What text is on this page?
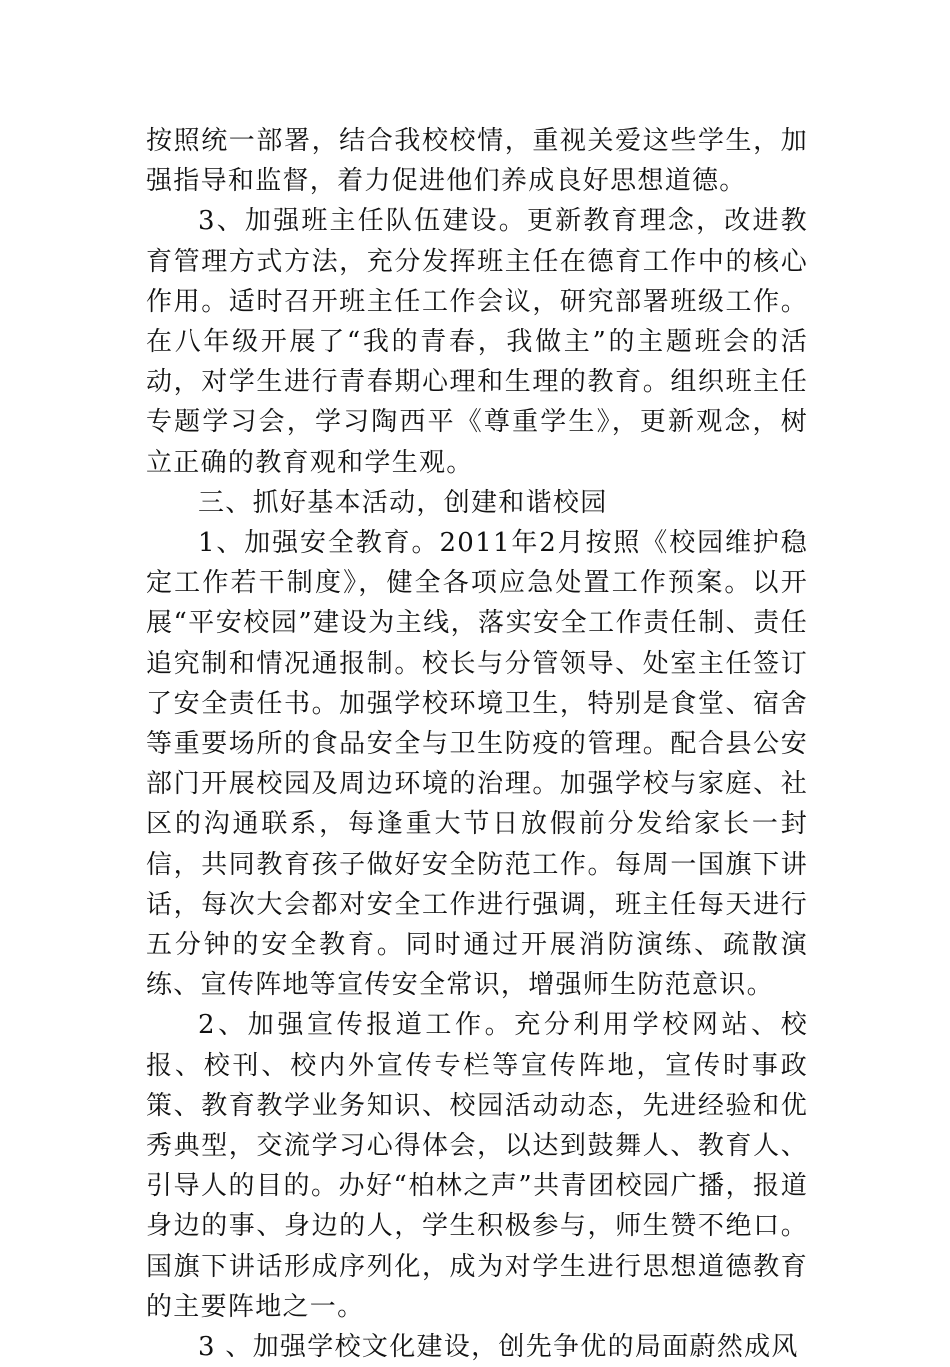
按照统一部署，结合我校校情，重视关爱这些学生，加强指导和监督，着力促进他们养成良好思想道德。

3、加强班主任队伍建设。更新教育理念，改进教育管理方式方法，充分发挥班主任在德育工作中的核心作用。适时召开班主任工作会议，研究部署班级工作。在八年级开展了“我的青春，我做主”的主题班会的活动，对学生进行青春期心理和生理的教育。组织班主任专题学习会，学习陶西平《尊重学生》，更新观念，树立正确的教育观和学生观。

三、抓好基本活动，创建和谐校园

1、加强安全教育。2011年2月按照《校园维护稳定工作若干制度》，健全各项应急处置工作预案。以开展“平安校园”建设为主线，落实安全工作责任制、责任追究制和情况通报制。校长与分管领导、处室主任签订了安全责任书。加强学校环境卫生，特别是食堂、宿舍等重要场所的食品安全与卫生防疫的管理。配合县公安部门开展校园及周边环境的治理。加强学校与家庭、社区的沟通联系，每逢重大节日放假前分发给家长一封信，共同教育孩子做好安全防范工作。每周一国旗下讲话，每次大会都对安全工作进行强调，班主任每天进行五分钟的安全教育。同时通过开展消防演练、疏散演练、宣传阵地等宣传安全常识，增强师生防范意识。

2、加强宣传报道工作。充分利用学校网站、校报、校刊、校内外宣传专栏等宣传阵地，宣传时事政策、教育教学业务知识、校园活动动态，先进经验和优秀典型，交流学习心得体会，以达到鼓舞人、教育人、引导人的目的。办好“柏林之声”共青团校园广播，报道身边的事、身边的人，学生积极参与，师生赞不绝口。国旗下讲话形成序列化，成为对学生进行思想道德教育的主要阵地之一。

3 、加强学校文化建设，创先争优的局面蔚然成风
